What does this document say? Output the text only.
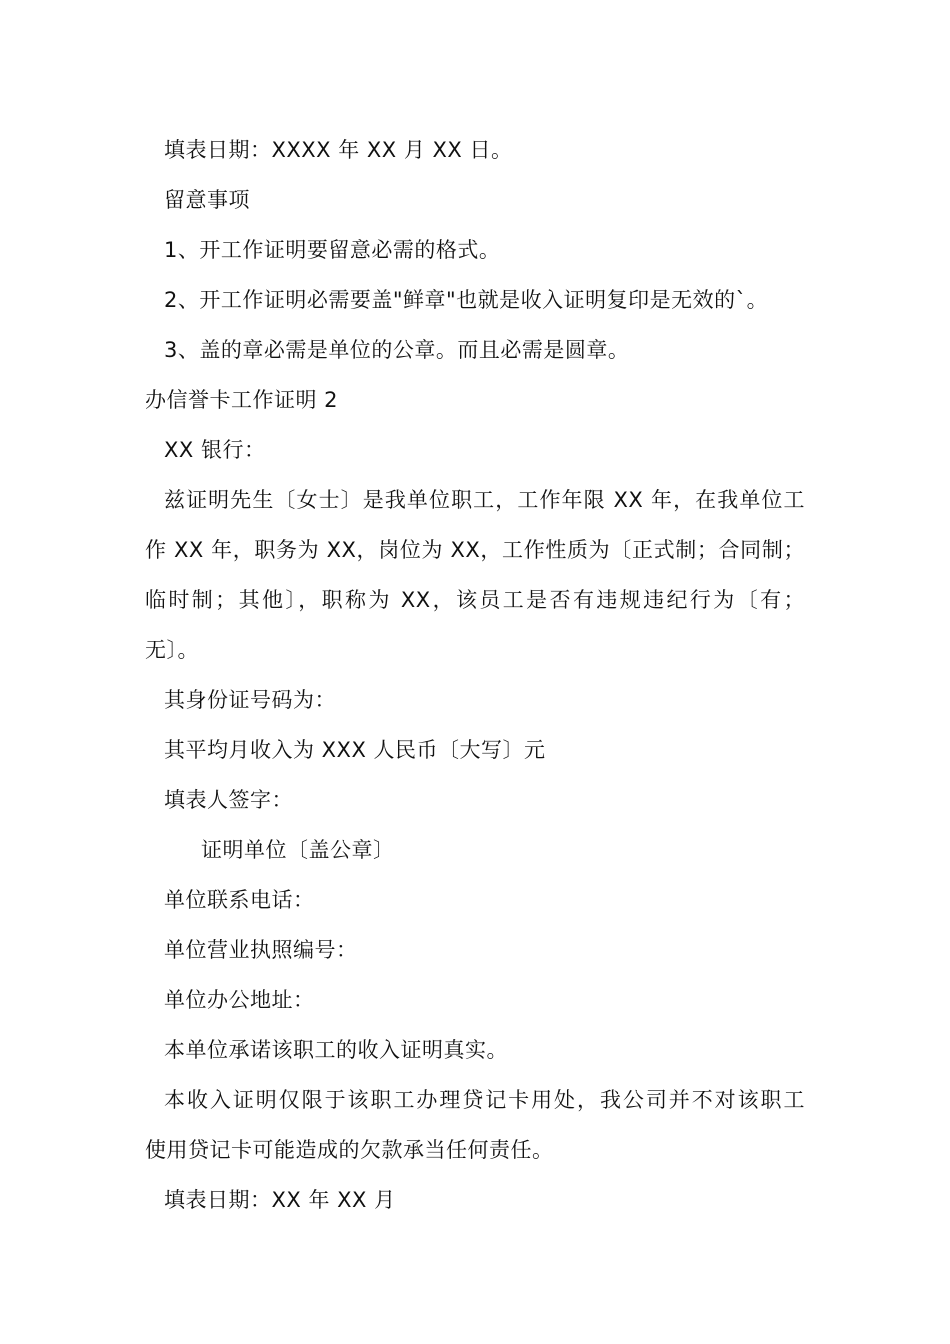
填表日期：XXXX 年 XX 月 XX 日。
留意事项
1、开工作证明要留意必需的格式。
2、开工作证明必需要盖"鲜章"也就是收入证明复印是无效的`。
3、盖的章必需是单位的公章。而且必需是圆章。
办信誉卡工作证明 2
XX 银行：
兹证明先生〔女士〕是我单位职工，工作年限 XX 年，在我单位工
作 XX 年，职务为 XX，岗位为 XX，工作性质为〔正式制；合同制；
临时制；其他〕，职称为 XX，该员工是否有违规违纪行为〔有；
无〕。
其身份证号码为：
其平均月收入为 XXX 人民币〔大写〕元
填表人签字：
证明单位〔盖公章〕
单位联系电话：
单位营业执照编号：
单位办公地址：
本单位承诺该职工的收入证明真实。
本收入证明仅限于该职工办理贷记卡用处，我公司并不对该职工
使用贷记卡可能造成的欠款承当任何责任。
填表日期：XX 年 XX 月
